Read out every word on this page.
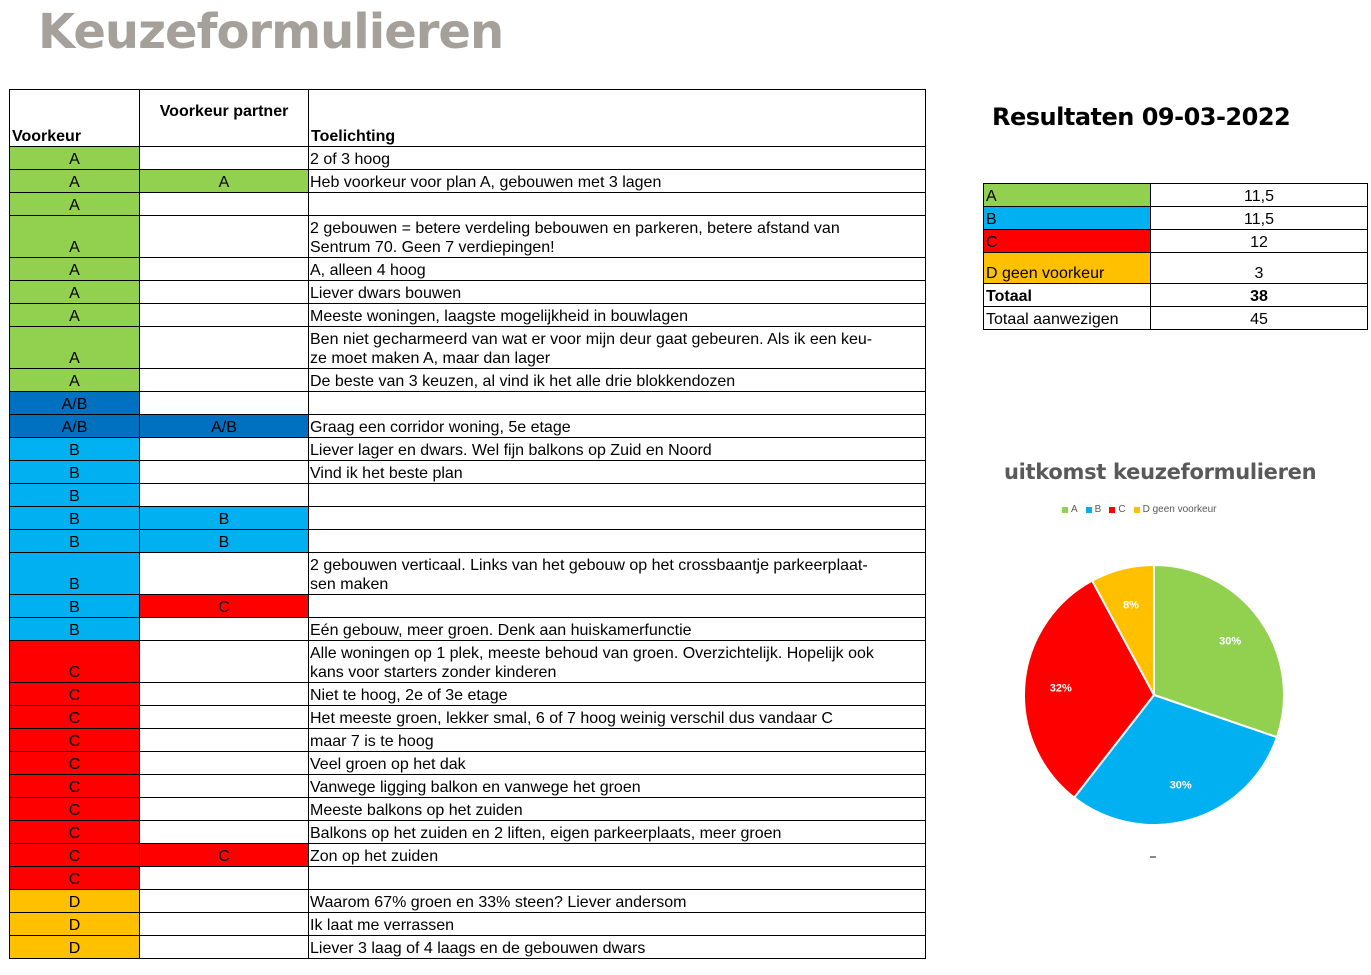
Keuzeformulieren
Voorkeur	Voorkeur partner	Toelichting
A		2 of 3 hoog
A	A	Heb voorkeur voor plan A, gebouwen met 3 lagen
A		
A		2 gebouwen = betere verdeling bebouwen en parkeren, betere afstand van
Sentrum 70. Geen 7 verdiepingen!
A		A, alleen 4 hoog
A		Liever dwars bouwen
A		Meeste woningen, laagste mogelijkheid in bouwlagen
A		Ben niet gecharmeerd van wat er voor mijn deur gaat gebeuren. Als ik een keu-
ze moet maken A, maar dan lager
A		De beste van 3 keuzen, al vind ik het alle drie blokkendozen
A/B		
A/B	A/B	Graag een corridor woning, 5e etage
B		Liever lager en dwars. Wel fijn balkons op Zuid en Noord
B		Vind ik het beste plan
B		
B	B	
B	B	
B		2 gebouwen verticaal. Links van het gebouw op het crossbaantje parkeerplaat-
sen maken
B	C	
B		Eén gebouw, meer groen. Denk aan huiskamerfunctie
C		Alle woningen op 1 plek, meeste behoud van groen. Overzichtelijk. Hopelijk ook
kans voor starters zonder kinderen
C		Niet te hoog, 2e of 3e etage
C		Het meeste groen, lekker smal, 6 of 7 hoog weinig verschil dus vandaar C
C		maar 7 is te hoog
C		Veel groen op het dak
C		Vanwege ligging balkon en vanwege het groen
C		Meeste balkons op het zuiden
C		Balkons op het zuiden en 2 liften, eigen parkeerplaats, meer groen
C	C	Zon op het zuiden
C		
D		Waarom 67% groen en 33% steen? Liever andersom
D		Ik laat me verrassen
D		Liever 3 laag of 4 laags en de gebouwen dwars
Resultaten 09-03-2022
A	11,5
B	11,5
C	12
D geen voorkeur	3
Totaal	38
Totaal aanwezigen	45
uitkomst keuzeformulieren
A B C D geen voorkeur
30%
30%
32%
8%
